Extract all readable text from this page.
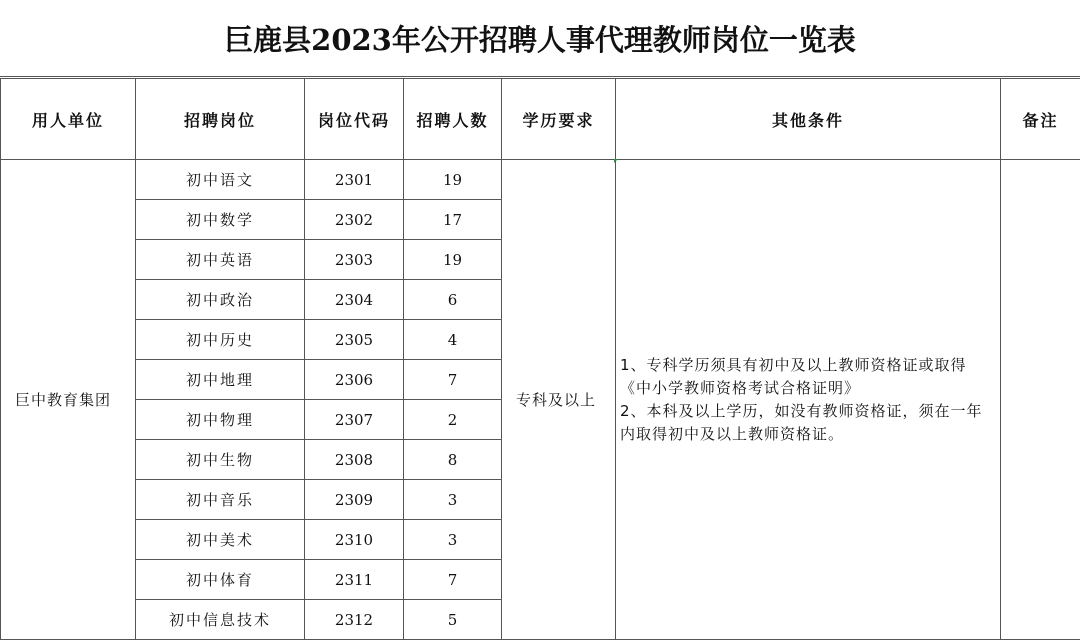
巨鹿县2023年公开招聘人事代理教师岗位一览表
用人单位	招聘岗位	岗位代码	招聘人数	学历要求	其他条件	备注
巨中教育集团	初中语文	2301	19	专科及以上	1、专科学历须具有初中及以上教师资格证或取得《中小学教师资格考试合格证明》
2、本科及以上学历，如没有教师资格证，须在一年内取得初中及以上教师资格证。	

	初中数学	2302	17			
	初中英语	2303	19			
	初中政治	2304	6			
	初中历史	2305	4			
	初中地理	2306	7			
	初中物理	2307	2			
	初中生物	2308	8			
	初中音乐	2309	3			
	初中美术	2310	3			
	初中体育	2311	7			
	初中信息技术	2312	5			
